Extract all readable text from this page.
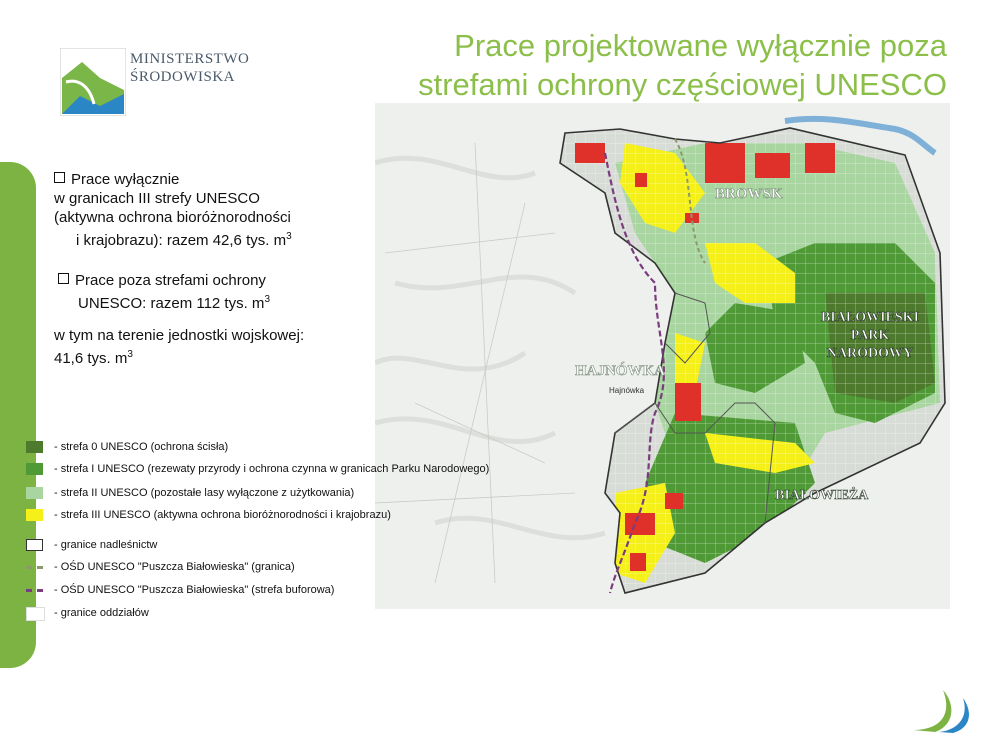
MINISTERSTWO
ŚRODOWISKA
Prace projektowane wyłącznie poza
strefami ochrony częściowej UNESCO
Prace wyłącznie
w granicach III strefy UNESCO
(aktywna ochrona bioróżnorodności
i krajobrazu): razem 42,6 tys. $m^3$
Prace poza strefami ochrony
UNESCO: razem 112 tys. $m^3$
w tym na terenie jednostki wojskowej:
41,6 tys. $m^3$
BROWSK
BIAŁOWIESKI
PARK
NARODOWY
HAJNÓWKA
Hajnówka
BIAŁOWIEŻA
- strefa 0 UNESCO (ochrona ścisła)
- strefa I UNESCO (rezewaty przyrody i ochrona czynna w granicach Parku Narodowego)
- strefa II UNESCO (pozostałe lasy wyłączone z użytkowania)
- strefa III UNESCO (aktywna ochrona bioróżnorodności i krajobrazu)
- granice nadleśnictw
- OŚD UNESCO "Puszcza Białowieska" (granica)
- OŚD UNESCO "Puszcza Białowieska" (strefa buforowa)
- granice oddziałów
